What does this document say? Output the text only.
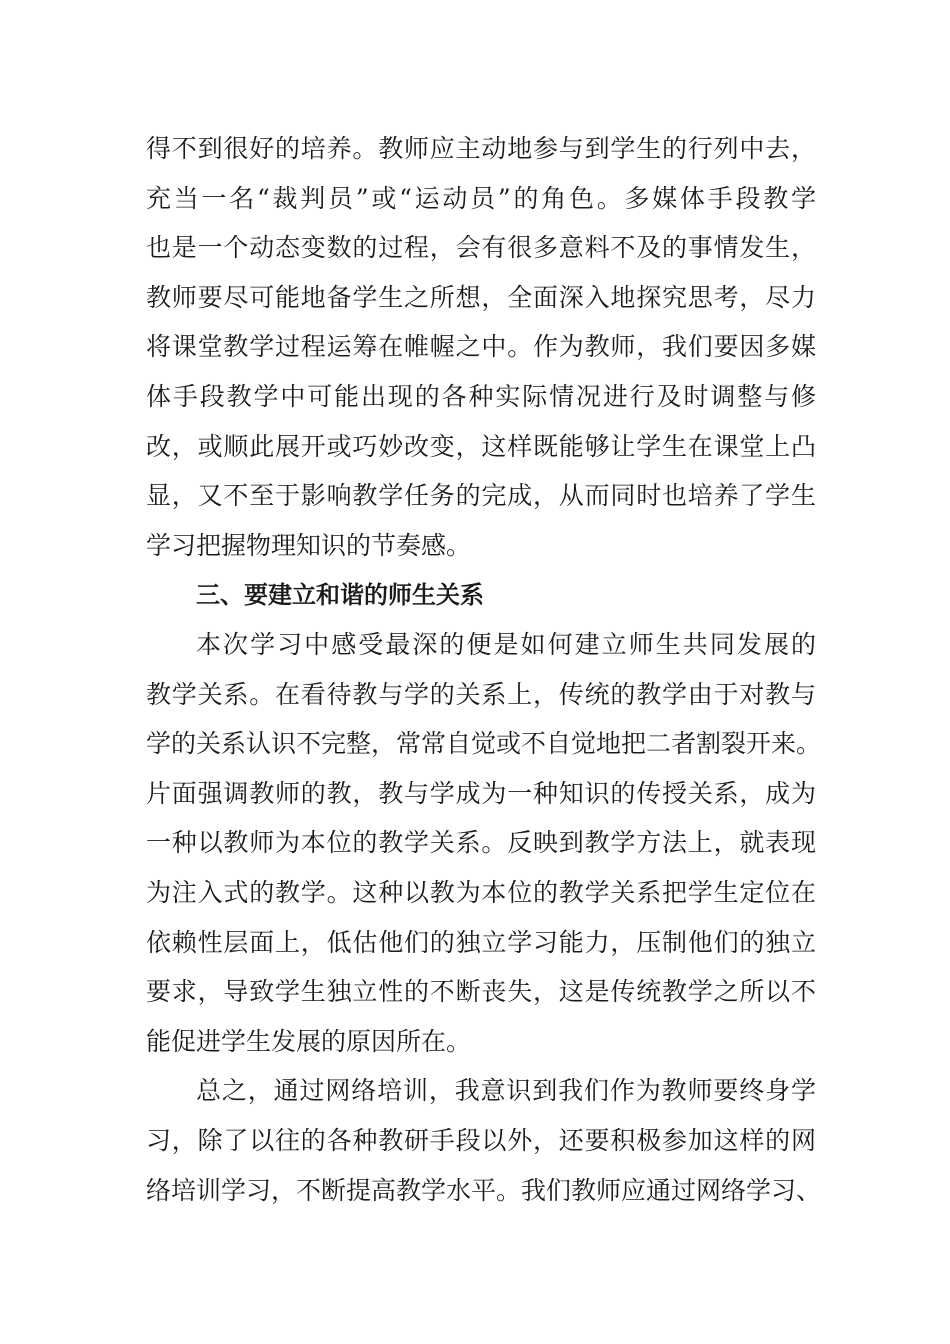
得不到很好的培养。教师应主动地参与到学生的行列中去，
充当一名“裁判员”或“运动员”的角色。多媒体手段教学
也是一个动态变数的过程，会有很多意料不及的事情发生，
教师要尽可能地备学生之所想，全面深入地探究思考，尽力
将课堂教学过程运筹在帷幄之中。作为教师，我们要因多媒
体手段教学中可能出现的各种实际情况进行及时调整与修
改，或顺此展开或巧妙改变，这样既能够让学生在课堂上凸
显，又不至于影响教学任务的完成，从而同时也培养了学生
学习把握物理知识的节奏感。
三、要建立和谐的师生关系
本次学习中感受最深的便是如何建立师生共同发展的
教学关系。在看待教与学的关系上，传统的教学由于对教与
学的关系认识不完整，常常自觉或不自觉地把二者割裂开来。
片面强调教师的教，教与学成为一种知识的传授关系，成为
一种以教师为本位的教学关系。反映到教学方法上，就表现
为注入式的教学。这种以教为本位的教学关系把学生定位在
依赖性层面上，低估他们的独立学习能力，压制他们的独立
要求，导致学生独立性的不断丧失，这是传统教学之所以不
能促进学生发展的原因所在。
总之，通过网络培训，我意识到我们作为教师要终身学
习，除了以往的各种教研手段以外，还要积极参加这样的网
络培训学习，不断提高教学水平。我们教师应通过网络学习、
